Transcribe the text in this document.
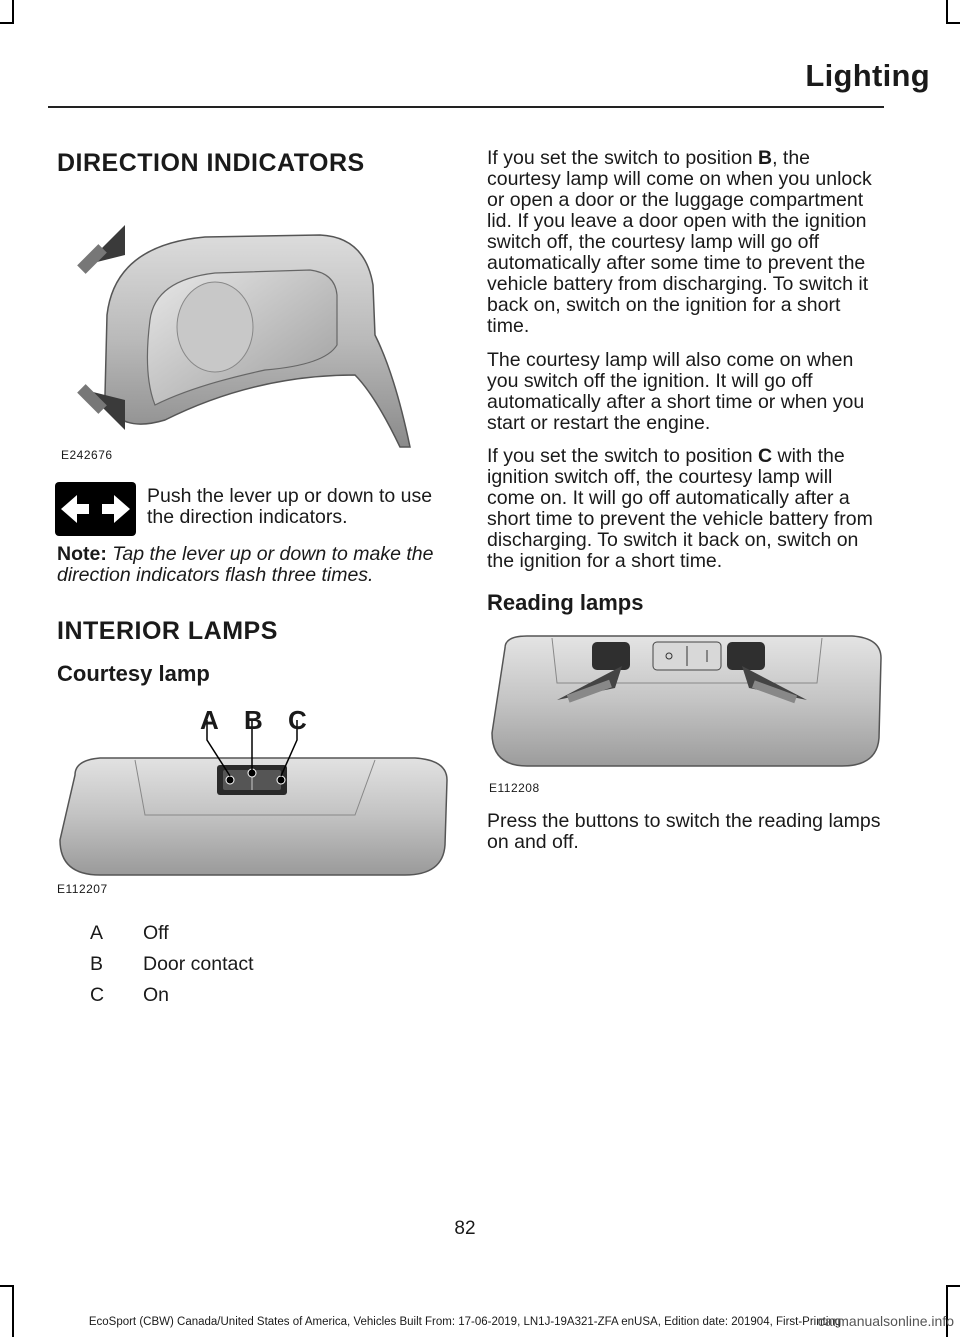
Lighting
DIRECTION INDICATORS
E242676

Push the lever up or down to use the direction indicators.

Note: Tap the lever up or down to make the direction indicators flash three times.

INTERIOR LAMPS
Courtesy lamp
A B C
E112207
A Off
B Door contact
C On

If you set the switch to position B, the courtesy lamp will come on when you unlock or open a door or the luggage compartment lid. If you leave a door open with the ignition switch off, the courtesy lamp will go off automatically after some time to prevent the vehicle battery from discharging. To switch it back on, switch on the ignition for a short time.

The courtesy lamp will also come on when you switch off the ignition. It will go off automatically after a short time or when you start or restart the engine.

If you set the switch to position C with the ignition switch off, the courtesy lamp will come on. It will go off automatically after a short time to prevent the vehicle battery from discharging. To switch it back on, switch on the ignition for a short time.

Reading lamps
E112208

Press the buttons to switch the reading lamps on and off.

82
EcoSport (CBW) Canada/United States of America, Vehicles Built From: 17-06-2019, LN1J-19A321-ZFA enUSA, Edition date: 201904, First-Printing
carmanualsonline.info
